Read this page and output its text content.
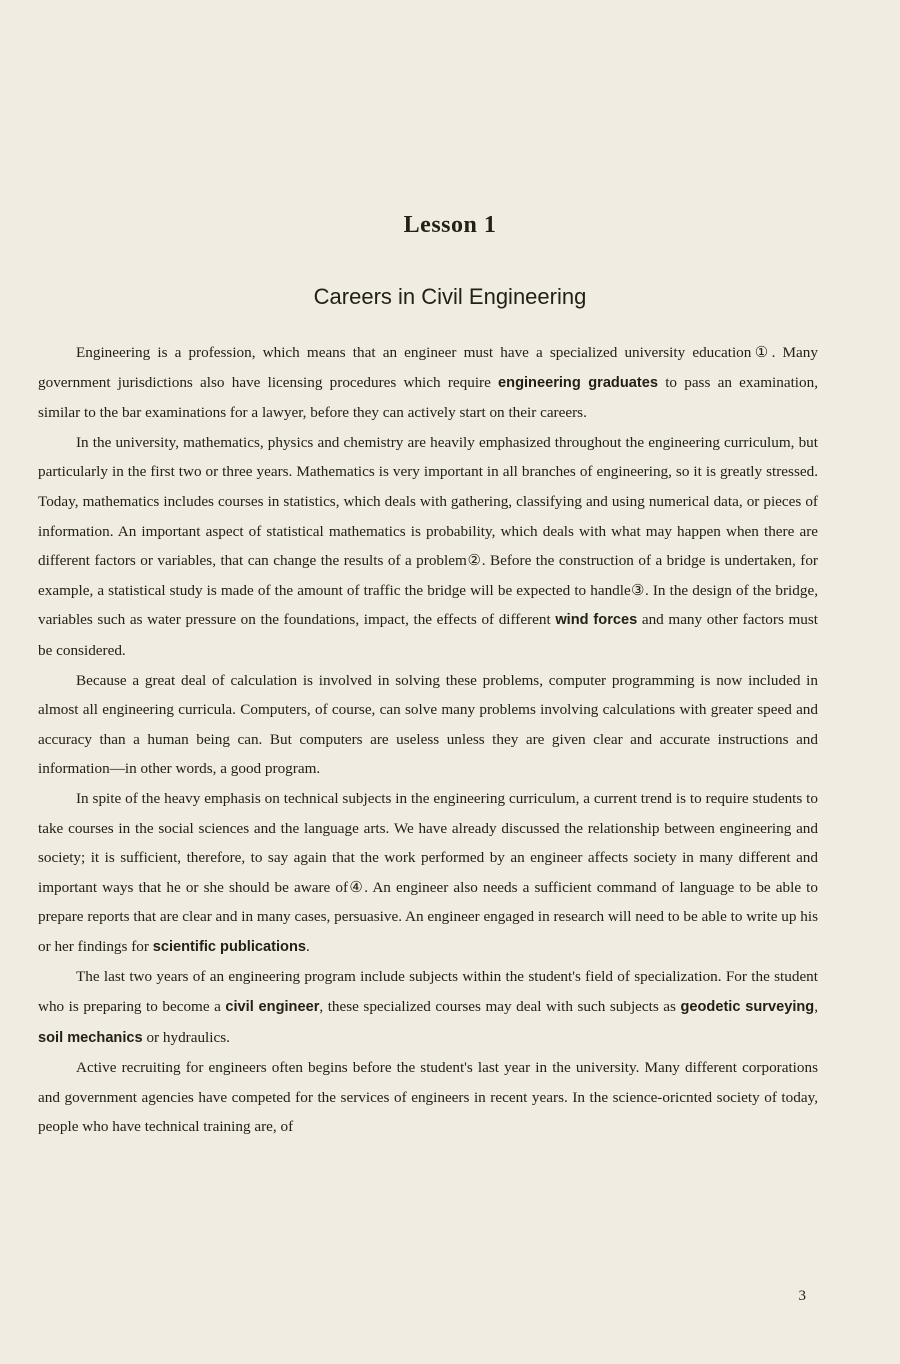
Lesson 1
Careers in Civil Engineering

Engineering is a profession, which means that an engineer must have a specialized university education①. Many government jurisdictions also have licensing procedures which require engineering graduates to pass an examination, similar to the bar examinations for a lawyer, before they can actively start on their careers.

In the university, mathematics, physics and chemistry are heavily emphasized throughout the engineering curriculum, but particularly in the first two or three years. Mathematics is very important in all branches of engineering, so it is greatly stressed. Today, mathematics includes courses in statistics, which deals with gathering, classifying and using numerical data, or pieces of information. An important aspect of statistical mathematics is probability, which deals with what may happen when there are different factors or variables, that can change the results of a problem②. Before the construction of a bridge is undertaken, for example, a statistical study is made of the amount of traffic the bridge will be expected to handle③. In the design of the bridge, variables such as water pressure on the foundations, impact, the effects of different wind forces and many other factors must be considered.

Because a great deal of calculation is involved in solving these problems, computer programming is now included in almost all engineering curricula. Computers, of course, can solve many problems involving calculations with greater speed and accuracy than a human being can. But computers are useless unless they are given clear and accurate instructions and information—in other words, a good program.

In spite of the heavy emphasis on technical subjects in the engineering curriculum, a current trend is to require students to take courses in the social sciences and the language arts. We have already discussed the relationship between engineering and society; it is sufficient, therefore, to say again that the work performed by an engineer affects society in many different and important ways that he or she should be aware of④. An engineer also needs a sufficient command of language to be able to prepare reports that are clear and in many cases, persuasive. An engineer engaged in research will need to be able to write up his or her findings for scientific publications.

The last two years of an engineering program include subjects within the student's field of specialization. For the student who is preparing to become a civil engineer, these specialized courses may deal with such subjects as geodetic surveying, soil mechanics or hydraulics.

Active recruiting for engineers often begins before the student's last year in the university. Many different corporations and government agencies have competed for the services of engineers in recent years. In the science-oricnted society of today, people who have technical training are, of

3
